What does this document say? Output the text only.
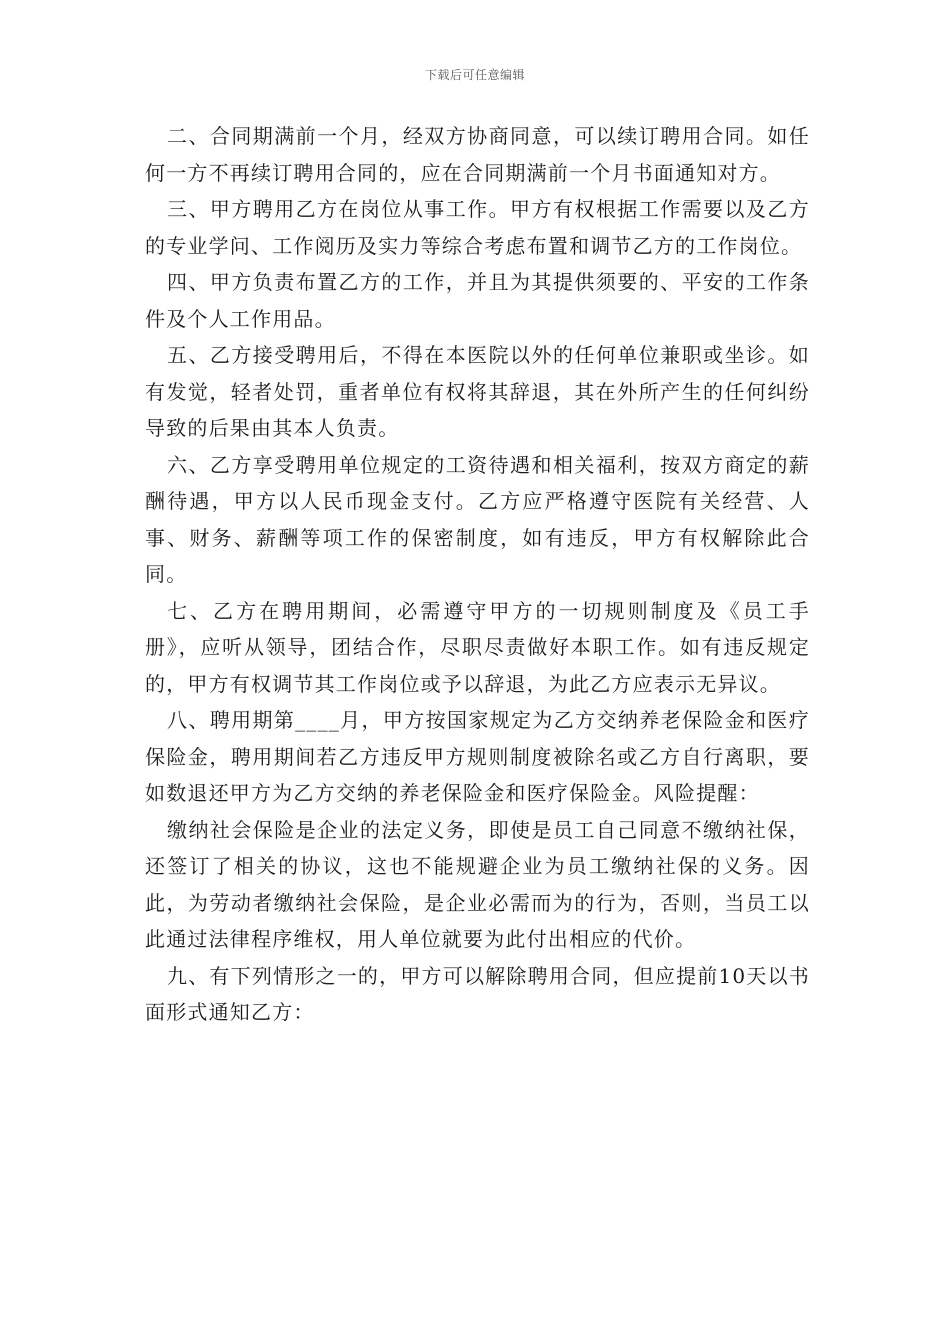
下载后可任意编辑

二、合同期满前一个月，经双方协商同意，可以续订聘用合同。如任何一方不再续订聘用合同的，应在合同期满前一个月书面通知对方。

三、甲方聘用乙方在岗位从事工作。甲方有权根据工作需要以及乙方的专业学问、工作阅历及实力等综合考虑布置和调节乙方的工作岗位。

四、甲方负责布置乙方的工作，并且为其提供须要的、平安的工作条件及个人工作用品。

五、乙方接受聘用后，不得在本医院以外的任何单位兼职或坐诊。如有发觉，轻者处罚，重者单位有权将其辞退，其在外所产生的任何纠纷导致的后果由其本人负责。

六、乙方享受聘用单位规定的工资待遇和相关福利，按双方商定的薪酬待遇，甲方以人民币现金支付。乙方应严格遵守医院有关经营、人事、财务、薪酬等项工作的保密制度，如有违反，甲方有权解除此合同。

七、乙方在聘用期间，必需遵守甲方的一切规则制度及《员工手册》，应听从领导，团结合作，尽职尽责做好本职工作。如有违反规定的，甲方有权调节其工作岗位或予以辞退，为此乙方应表示无异议。

八、聘用期第____月，甲方按国家规定为乙方交纳养老保险金和医疗保险金，聘用期间若乙方违反甲方规则制度被除名或乙方自行离职，要如数退还甲方为乙方交纳的养老保险金和医疗保险金。风险提醒：

缴纳社会保险是企业的法定义务，即使是员工自己同意不缴纳社保，还签订了相关的协议，这也不能规避企业为员工缴纳社保的义务。因此，为劳动者缴纳社会保险，是企业必需而为的行为，否则，当员工以此通过法律程序维权，用人单位就要为此付出相应的代价。

九、有下列情形之一的，甲方可以解除聘用合同，但应提前10天以书面形式通知乙方：
